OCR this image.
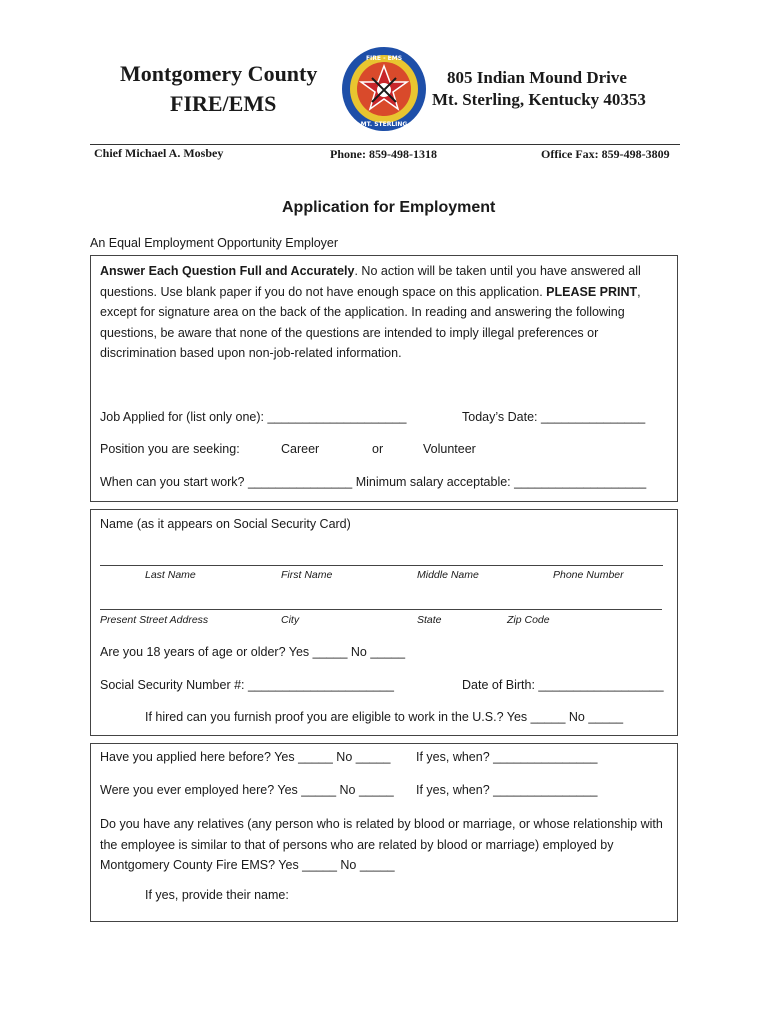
Montgomery County
FIRE/EMS
FIRE - EMS
MT. STERLING
805 Indian Mound Drive
Mt. Sterling, Kentucky 40353
Chief Michael A. Mosbey	Phone: 859-498-1318	Office Fax: 859-498-3809
Application for Employment
An Equal Employment Opportunity Employer
Answer Each Question Full and Accurately. No action will be taken until you have answered all questions. Use blank paper if you do not have enough space on this application. PLEASE PRINT, except for signature area on the back of the application. In reading and answering the following questions, be aware that none of the questions are intended to imply illegal preferences or discrimination based upon non-job-related information.
Job Applied for (list only one): ____________________	Today’s Date: _______________
Position you are seeking:	Career	or	Volunteer
When can you start work? _______________ Minimum salary acceptable: ___________________
Name (as it appears on Social Security Card)
Last Name	First Name	Middle Name	Phone Number
Present Street Address	City	State	Zip Code
Are you 18 years of age or older? Yes _____ No _____
Social Security Number #: _____________________	Date of Birth: __________________
If hired can you furnish proof you are eligible to work in the U.S.? Yes _____ No _____
Have you applied here before? Yes _____ No _____ If yes, when? _______________
Were you ever employed here? Yes _____ No _____ If yes, when? _______________
Do you have any relatives (any person who is related by blood or marriage, or whose relationship with the employee is similar to that of persons who are related by blood or marriage) employed by Montgomery County Fire EMS? Yes _____ No _____
If yes, provide their name:
